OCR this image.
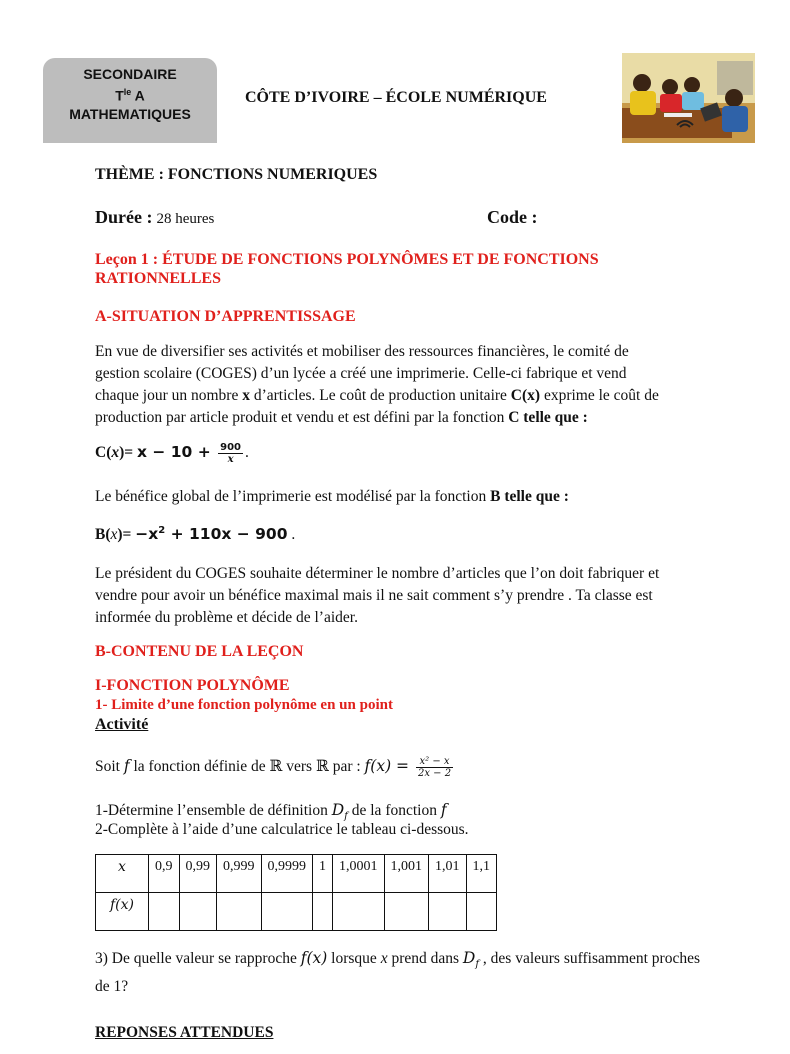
SECONDAIRE
$T^{le}$ A
MATHEMATIQUES
CÔTE D’IVOIRE – ÉCOLE NUMÉRIQUE
THÈME : FONCTIONS NUMERIQUES
Durée : 28 heures	Code :
Leçon 1 : ÉTUDE DE FONCTIONS POLYNÔMES ET DE FONCTIONS
RATIONNELLES
A-SITUATION D’APPRENTISSAGE
En vue de diversifier ses activités et mobiliser des ressources financières, le comité de
gestion scolaire (COGES) d’un lycée a créé une imprimerie. Celle-ci fabrique et vend
chaque jour un nombre x d’articles. Le coût de production unitaire C(x) exprime le coût de
production par article produit et vendu et est défini par la fonction C telle que :
$C(x)= x - 10 + \frac{900}{x}$ .
Le bénéfice global de l’imprimerie est modélisé par la fonction B telle que :
$B(x)= -x^2 + 110x - 900$ .
Le président du COGES souhaite déterminer le nombre d’articles que l’on doit fabriquer et
vendre pour avoir un bénéfice maximal mais il ne sait comment s’y prendre . Ta classe est
informée du problème et décide de l’aider.
B-CONTENU DE LA LEÇON
I-FONCTION POLYNÔME
1- Limite d’une fonction polynôme en un point
Activité
Soit f la fonction définie de ℝ vers ℝ par : $f(x) = \frac{\text{x² − x}}{2x - 2}$
1-Détermine l’ensemble de définition $D_f$ de la fonction f
2-Complète à l’aide d’une calculatrice le tableau ci-dessous.
x	0,9	0,99	0,999	0,9999	1	1,0001	1,001	1,01	1,1
f(x)									
3) De quelle valeur se rapproche f(x) lorsque x prend dans $D_f$ , des valeurs suffisamment proches
de 1?
REPONSES ATTENDUES
